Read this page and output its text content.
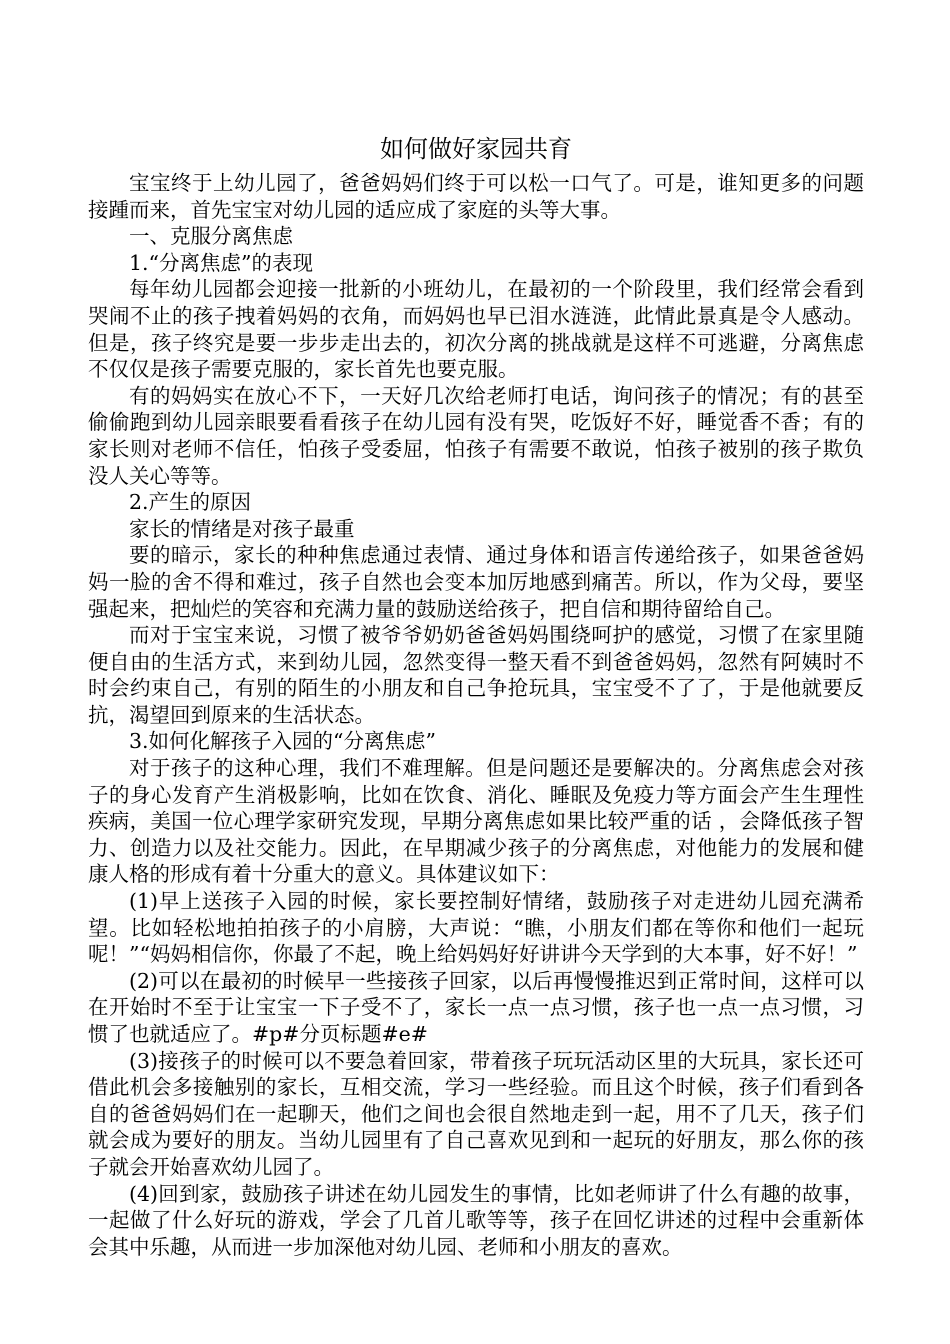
如何做好家园共育

宝宝终于上幼儿园了，爸爸妈妈们终于可以松一口气了。可是，谁知更多的问题接踵而来，首先宝宝对幼儿园的适应成了家庭的头等大事。

一、克服分离焦虑

1.“分离焦虑”的表现

每年幼儿园都会迎接一批新的小班幼儿，在最初的一个阶段里，我们经常会看到哭闹不止的孩子拽着妈妈的衣角，而妈妈也早已泪水涟涟，此情此景真是令人感动。但是，孩子终究是要一步步走出去的，初次分离的挑战就是这样不可逃避，分离焦虑不仅仅是孩子需要克服的，家长首先也要克服。

有的妈妈实在放心不下，一天好几次给老师打电话，询问孩子的情况；有的甚至偷偷跑到幼儿园亲眼要看看孩子在幼儿园有没有哭，吃饭好不好，睡觉香不香；有的家长则对老师不信任，怕孩子受委屈，怕孩子有需要不敢说，怕孩子被别的孩子欺负没人关心等等。

2.产生的原因

家长的情绪是对孩子最重

要的暗示，家长的种种焦虑通过表情、通过身体和语言传递给孩子，如果爸爸妈妈一脸的舍不得和难过，孩子自然也会变本加厉地感到痛苦。所以，作为父母，要坚强起来，把灿烂的笑容和充满力量的鼓励送给孩子，把自信和期待留给自己。

而对于宝宝来说，习惯了被爷爷奶奶爸爸妈妈围绕呵护的感觉，习惯了在家里随便自由的生活方式，来到幼儿园，忽然变得一整天看不到爸爸妈妈，忽然有阿姨时不时会约束自己，有别的陌生的小朋友和自己争抢玩具，宝宝受不了了，于是他就要反抗，渴望回到原来的生活状态。

3.如何化解孩子入园的“分离焦虑”

对于孩子的这种心理，我们不难理解。但是问题还是要解决的。分离焦虑会对孩子的身心发育产生消极影响，比如在饮食、消化、睡眠及免疫力等方面会产生生理性疾病，美国一位心理学家研究发现，早期分离焦虑如果比较严重的话 ，会降低孩子智力、创造力以及社交能力。因此，在早期减少孩子的分离焦虑，对他能力的发展和健康人格的形成有着十分重大的意义。具体建议如下：

(1)早上送孩子入园的时候，家长要控制好情绪，鼓励孩子对走进幼儿园充满希望。比如轻松地拍拍孩子的小肩膀，大声说：“瞧，小朋友们都在等你和他们一起玩呢！”“妈妈相信你，你最了不起，晚上给妈妈好好讲讲今天学到的大本事，好不好！”

(2)可以在最初的时候早一些接孩子回家，以后再慢慢推迟到正常时间，这样可以在开始时不至于让宝宝一下子受不了，家长一点一点习惯，孩子也一点一点习惯，习惯了也就适应了。#p#分页标题#e#

(3)接孩子的时候可以不要急着回家，带着孩子玩玩活动区里的大玩具，家长还可借此机会多接触别的家长，互相交流，学习一些经验。而且这个时候，孩子们看到各自的爸爸妈妈们在一起聊天，他们之间也会很自然地走到一起，用不了几天，孩子们就会成为要好的朋友。当幼儿园里有了自己喜欢见到和一起玩的好朋友，那么你的孩子就会开始喜欢幼儿园了。

(4)回到家，鼓励孩子讲述在幼儿园发生的事情，比如老师讲了什么有趣的故事，一起做了什么好玩的游戏，学会了几首儿歌等等，孩子在回忆讲述的过程中会重新体会其中乐趣，从而进一步加深他对幼儿园、老师和小朋友的喜欢。
